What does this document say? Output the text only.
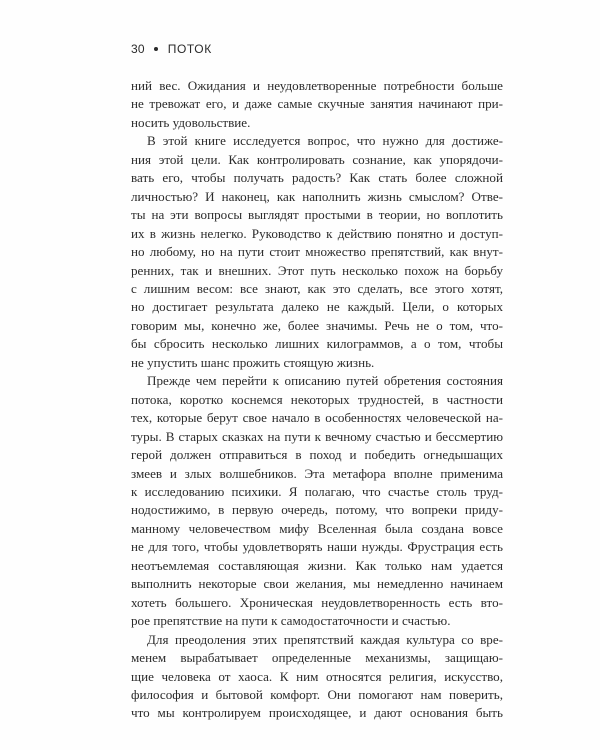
30 ПОТОК
ний вес. Ожидания и неудовлетворенные потребности больше
не тревожат его, и даже самые скучные занятия начинают при-
носить удовольствие.
В этой книге исследуется вопрос, что нужно для достиже-
ния этой цели. Как контролировать сознание, как упорядочи-
вать его, чтобы получать радость? Как стать более сложной
личностью? И наконец, как наполнить жизнь смыслом? Отве-
ты на эти вопросы выглядят простыми в теории, но воплотить
их в жизнь нелегко. Руководство к действию понятно и доступ-
но любому, но на пути стоит множество препятствий, как внут-
ренних, так и внешних. Этот путь несколько похож на борьбу
с лишним весом: все знают, как это сделать, все этого хотят,
но достигает результата далеко не каждый. Цели, о которых
говорим мы, конечно же, более значимы. Речь не о том, что-
бы сбросить несколько лишних килограммов, а о том, чтобы
не упустить шанс прожить стоящую жизнь.
Прежде чем перейти к описанию путей обретения состояния
потока, коротко коснемся некоторых трудностей, в частности
тех, которые берут свое начало в особенностях человеческой на-
туры. В старых сказках на пути к вечному счастью и бессмертию
герой должен отправиться в поход и победить огнедышащих
змеев и злых волшебников. Эта метафора вполне применима
к исследованию психики. Я полагаю, что счастье столь труд-
нодостижимо, в первую очередь, потому, что вопреки приду-
манному человечеством мифу Вселенная была создана вовсе
не для того, чтобы удовлетворять наши нужды. Фрустрация есть
неотъемлемая составляющая жизни. Как только нам удается
выполнить некоторые свои желания, мы немедленно начинаем
хотеть большего. Хроническая неудовлетворенность есть вто-
рое препятствие на пути к самодостаточности и счастью.
Для преодоления этих препятствий каждая культура со вре-
менем вырабатывает определенные механизмы, защищаю-
щие человека от хаоса. К ним относятся религия, искусство,
философия и бытовой комфорт. Они помогают нам поверить,
что мы контролируем происходящее, и дают основания быть
